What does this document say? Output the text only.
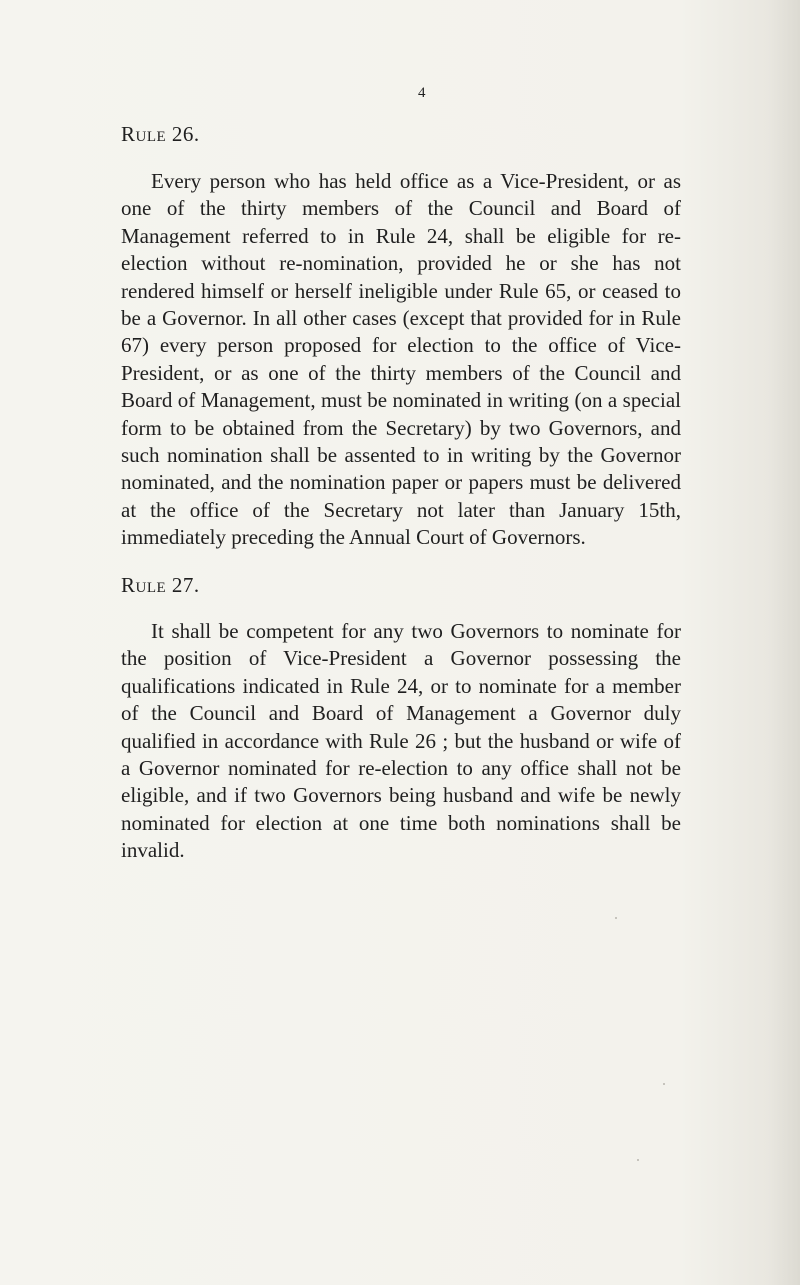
4
Rule 26.

Every person who has held office as a Vice-President, or as one of the thirty members of the Council and Board of Management referred to in Rule 24, shall be eligible for re-election without re-nomination, provided he or she has not rendered himself or herself ineligible under Rule 65, or ceased to be a Governor. In all other cases (except that provided for in Rule 67) every person proposed for election to the office of Vice-President, or as one of the thirty members of the Council and Board of Management, must be nominated in writing (on a special form to be obtained from the Secretary) by two Governors, and such nomination shall be assented to in writing by the Governor nominated, and the nomination paper or papers must be delivered at the office of the Secretary not later than January 15th, immediately preceding the Annual Court of Governors.

Rule 27.

It shall be competent for any two Governors to nominate for the position of Vice-President a Governor possessing the qualifications indicated in Rule 24, or to nominate for a member of the Council and Board of Management a Governor duly qualified in accordance with Rule 26 ; but the husband or wife of a Governor nominated for re-election to any office shall not be eligible, and if two Governors being husband and wife be newly nominated for election at one time both nominations shall be invalid.
